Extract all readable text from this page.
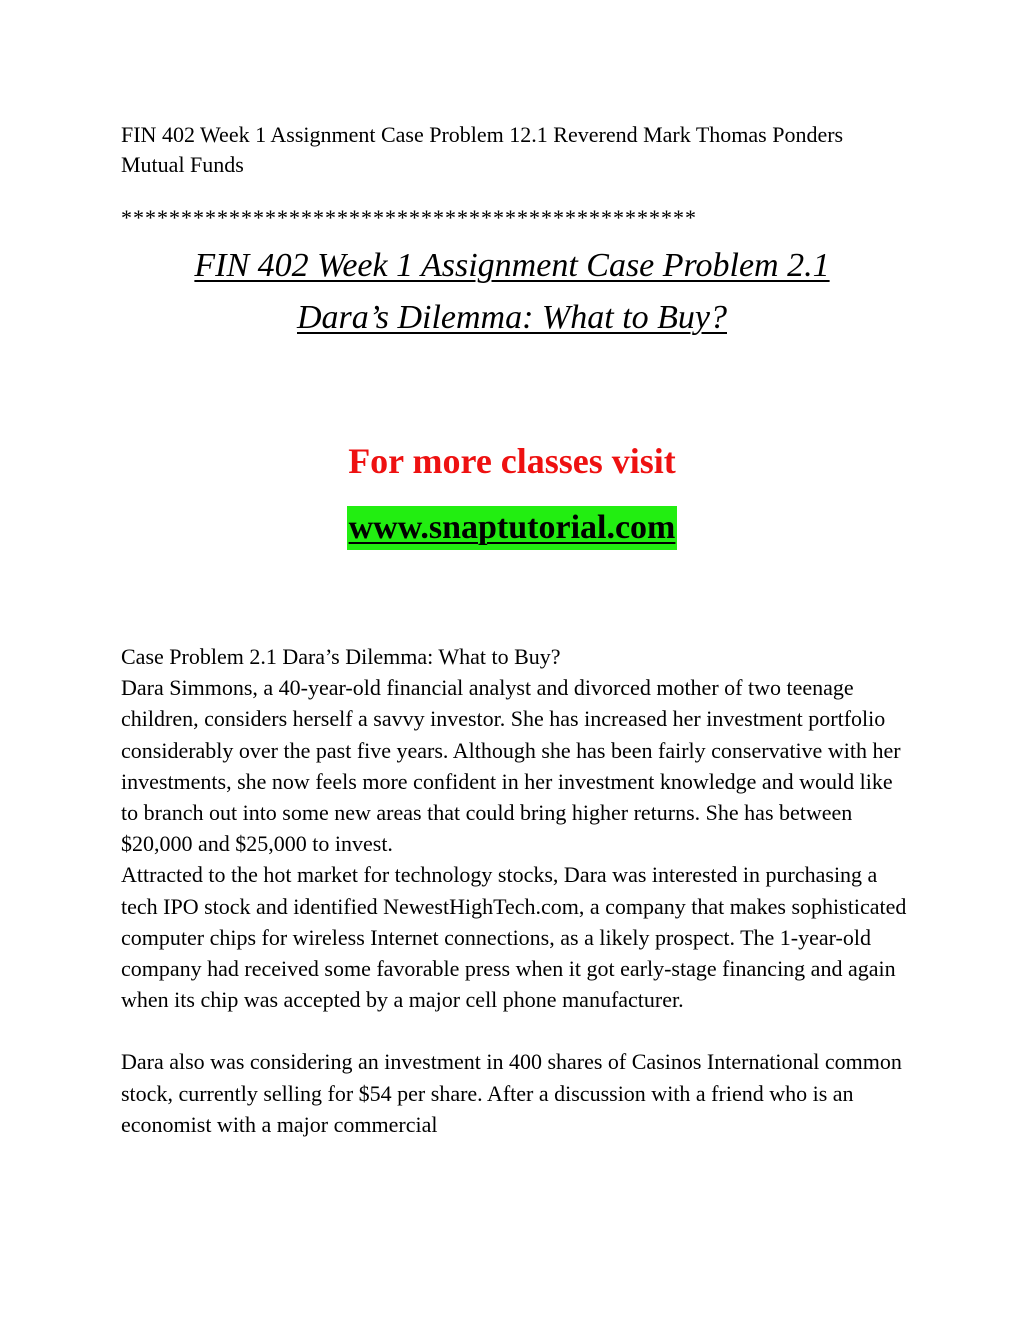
FIN 402 Week 1 Assignment Case Problem 12.1 Reverend Mark Thomas Ponders Mutual Funds
************************************************
FIN 402 Week 1 Assignment Case Problem 2.1
Dara’s Dilemma: What to Buy?
For more classes visit
www.snaptutorial.com

Case Problem 2.1 Dara’s Dilemma: What to Buy?

Dara Simmons, a 40-year-old financial analyst and divorced mother of two teenage children, considers herself a savvy investor. She has increased her investment portfolio considerably over the past five years. Although she has been fairly conservative with her investments, she now feels more confident in her investment knowledge and would like to branch out into some new areas that could bring higher returns. She has between $20,000 and $25,000 to invest.

Attracted to the hot market for technology stocks, Dara was interested in purchasing a tech IPO stock and identified NewestHighTech.com, a company that makes sophisticated computer chips for wireless Internet connections, as a likely prospect. The 1-year-old company had received some favorable press when it got early-stage financing and again when its chip was accepted by a major cell phone manufacturer.

Dara also was considering an investment in 400 shares of Casinos International common stock, currently selling for $54 per share. After a discussion with a friend who is an economist with a major commercial
